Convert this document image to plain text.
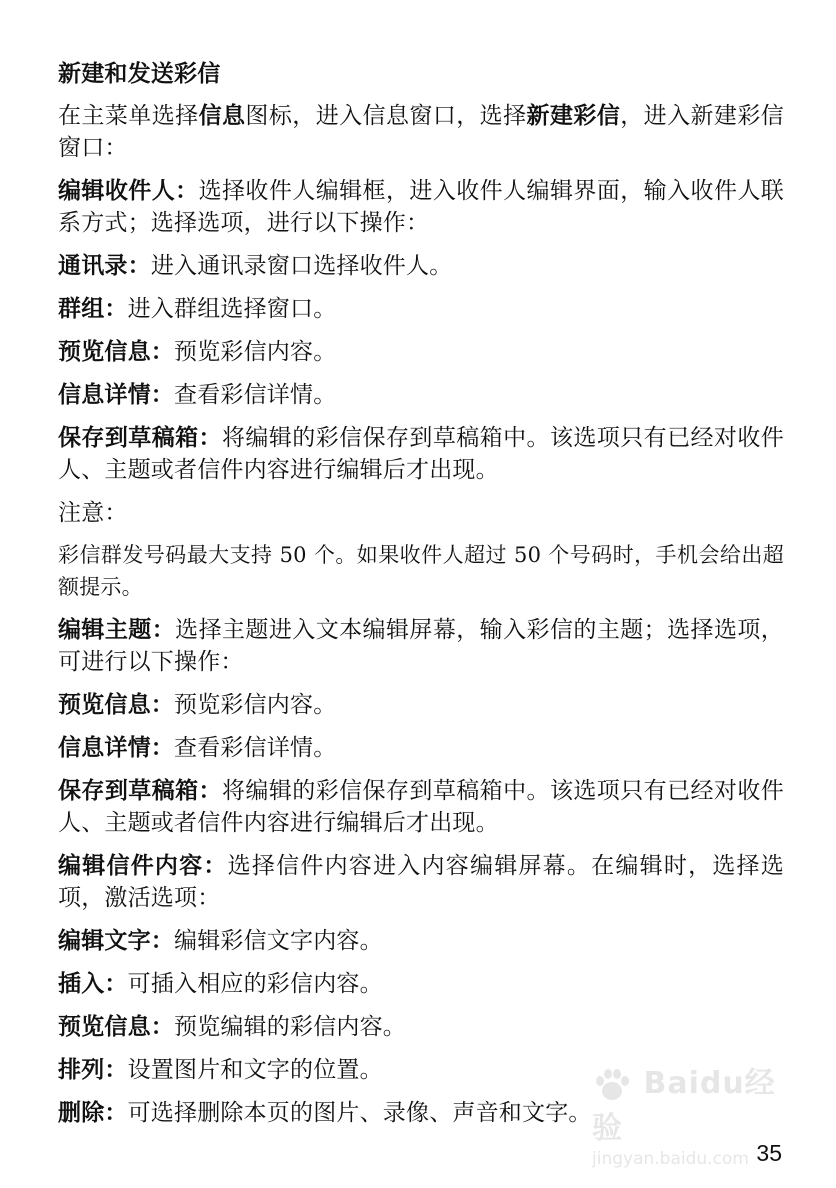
新建和发送彩信
在主菜单选择信息图标，进入信息窗口，选择新建彩信，进入新建彩信窗口：
编辑收件人：选择收件人编辑框，进入收件人编辑界面，输入收件人联系方式；选择选项，进行以下操作：
通讯录：进入通讯录窗口选择收件人。
群组：进入群组选择窗口。
预览信息：预览彩信内容。
信息详情：查看彩信详情。
保存到草稿箱：将编辑的彩信保存到草稿箱中。该选项只有已经对收件人、主题或者信件内容进行编辑后才出现。
注意：
彩信群发号码最大支持 50 个。如果收件人超过 50 个号码时，手机会给出超额提示。
编辑主题：选择主题进入文本编辑屏幕，输入彩信的主题；选择选项，可进行以下操作：
预览信息：预览彩信内容。
信息详情：查看彩信详情。
保存到草稿箱：将编辑的彩信保存到草稿箱中。该选项只有已经对收件人、主题或者信件内容进行编辑后才出现。
编辑信件内容：选择信件内容进入内容编辑屏幕。在编辑时，选择选项，激活选项：
编辑文字：编辑彩信文字内容。
插入：可插入相应的彩信内容。
预览信息：预览编辑的彩信内容。
排列：设置图片和文字的位置。
删除：可选择删除本页的图片、录像、声音和文字。
Baidu经验
jingyan.baidu.com 35
